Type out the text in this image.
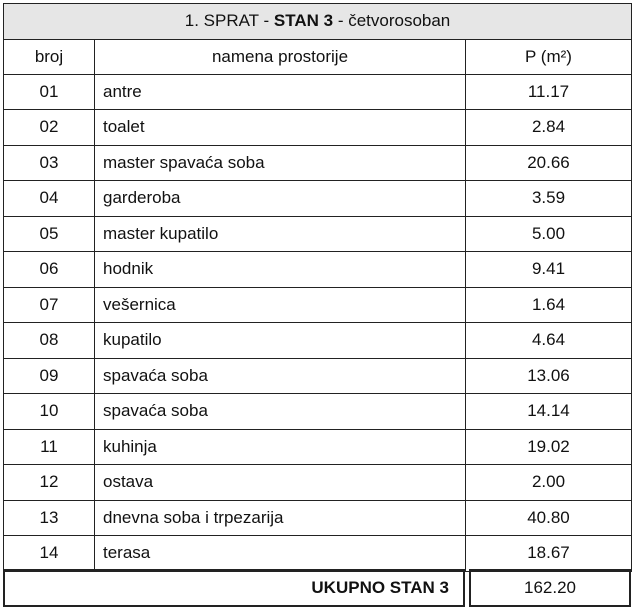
1. SPRAT - STAN 3 - četvorosoban		
broj	namena prostorije	P (m²)
01	antre	11.17
02	toalet	2.84
03	master spavaća soba	20.66
04	garderoba	3.59
05	master kupatilo	5.00
06	hodnik	9.41
07	vešernica	1.64
08	kupatilo	4.64
09	spavaća soba	13.06
10	spavaća soba	14.14
11	kuhinja	19.02
12	ostava	2.00
13	dnevna soba i trpezarija	40.80
14	terasa	18.67
UKUPNO STAN 3	162.20
